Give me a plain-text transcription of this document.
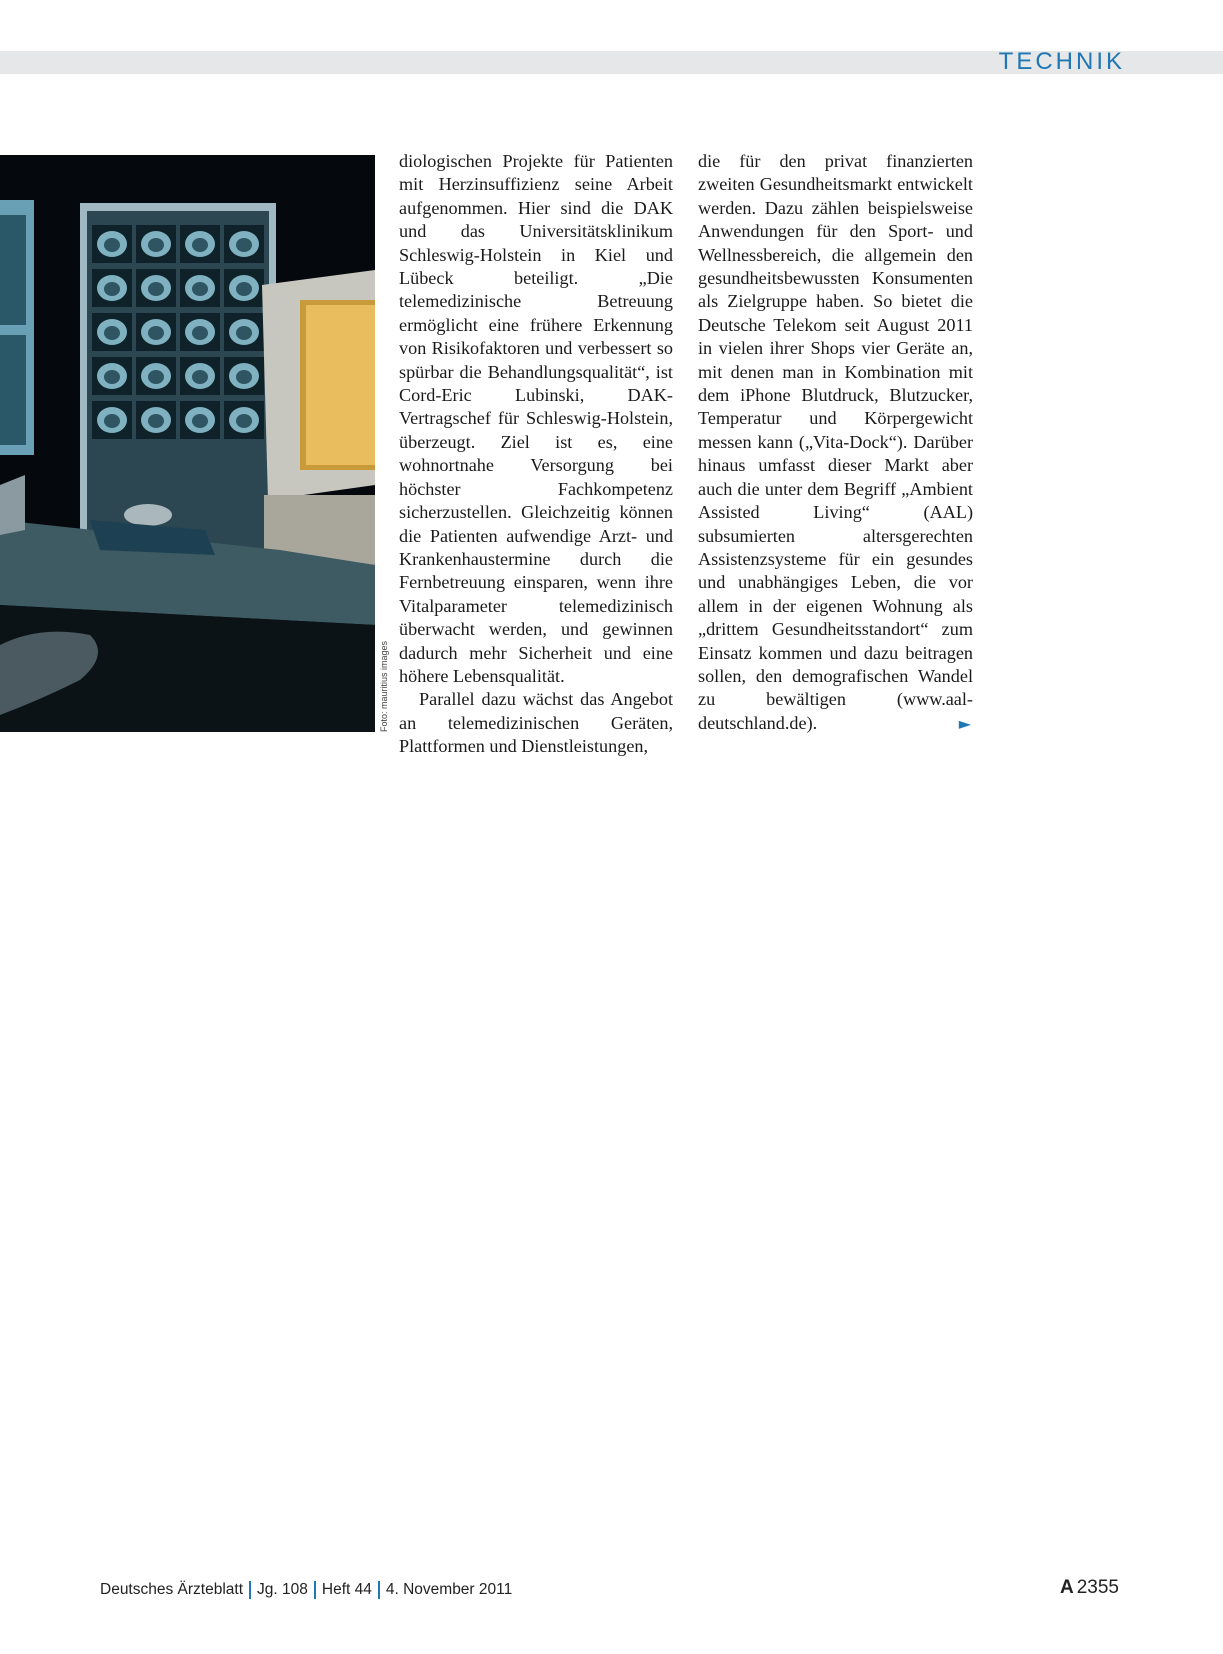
TECHNIK
Foto: mauritius images

diologischen Projekte für Patienten mit Herzinsuffizienz seine Arbeit aufgenommen. Hier sind die DAK und das Universitätsklinikum Schleswig-Holstein in Kiel und Lübeck beteiligt. „Die telemedizinische Betreuung ermöglicht eine frühere Erkennung von Risikofaktoren und verbessert so spürbar die Behandlungsqualität“, ist Cord-Eric Lubinski, DAK-Vertragschef für Schleswig-Holstein, überzeugt. Ziel ist es, eine wohnortnahe Versorgung bei höchster Fachkompetenz sicherzustellen. Gleichzeitig können die Patienten aufwendige Arzt- und Krankenhaustermine durch die Fernbetreuung einsparen, wenn ihre Vitalparameter telemedizinisch überwacht werden, und gewinnen dadurch mehr Sicherheit und eine höhere Lebensqualität.

Parallel dazu wächst das Angebot an telemedizinischen Geräten, Plattformen und Dienstleistungen,

die für den privat finanzierten zweiten Gesundheitsmarkt entwickelt werden. Dazu zählen beispielsweise Anwendungen für den Sport- und Wellnessbereich, die allgemein den gesundheitsbewussten Konsumenten als Zielgruppe haben. So bietet die Deutsche Telekom seit August 2011 in vielen ihrer Shops vier Geräte an, mit denen man in Kombination mit dem iPhone Blutdruck, Blutzucker, Temperatur und Körpergewicht messen kann („Vita-Dock“). Darüber hinaus umfasst dieser Markt aber auch die unter dem Begriff „Ambient Assisted Living“ (AAL) subsumierten altersgerechten Assistenzsysteme für ein gesundes und unabhängiges Leben, die vor allem in der eigenen Wohnung als „drittem Gesundheitsstandort“ zum Einsatz kommen und dazu beitragen sollen, den demografischen Wandel zu bewältigen (www.aal-deutschland.de).	►

Deutsches Ärzteblatt Jg. 108 Heft 44 4. November 2011	A 2355
